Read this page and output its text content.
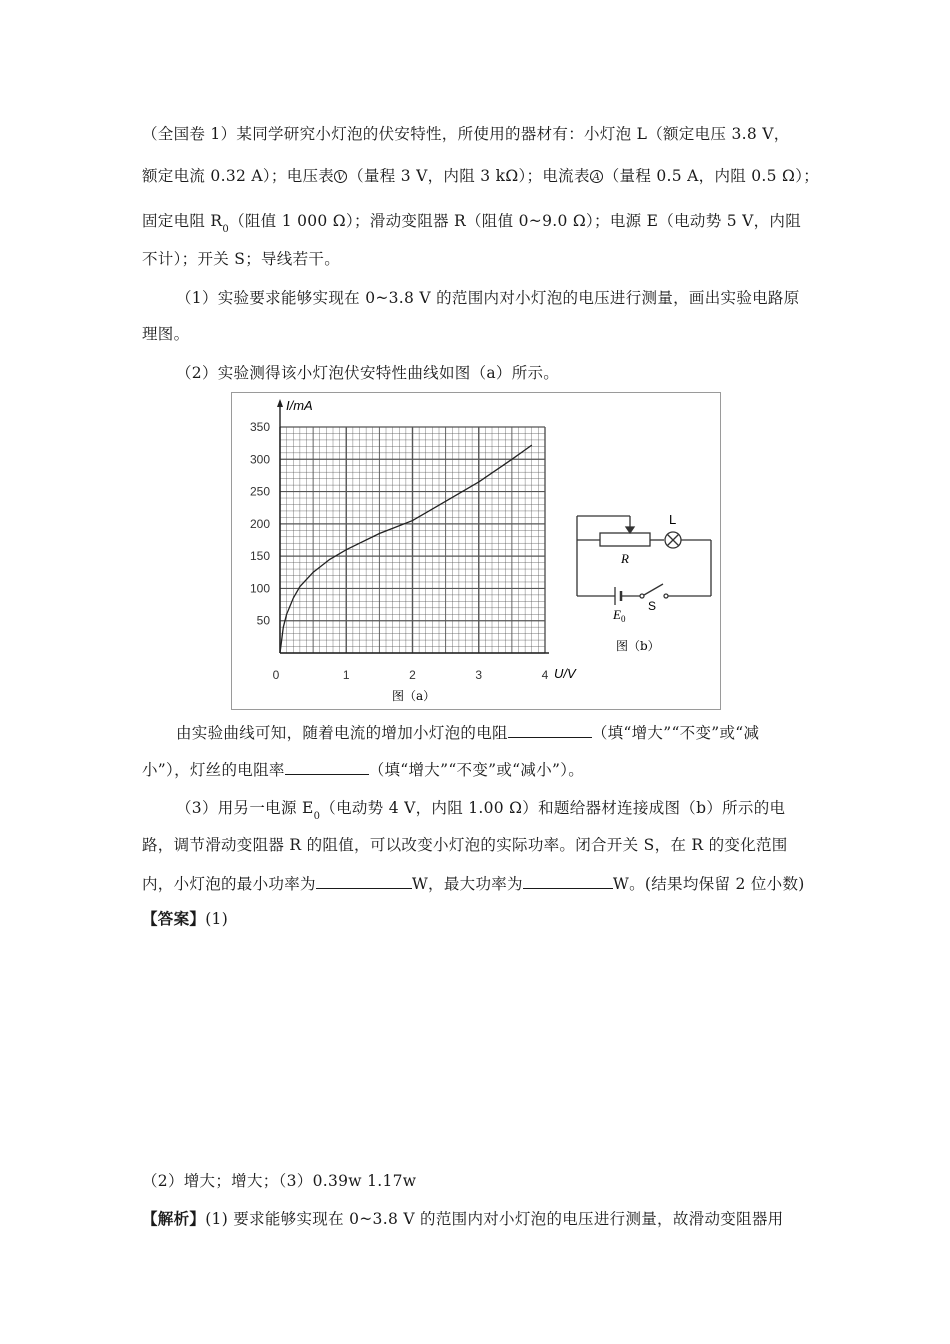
（全国卷 1）某同学研究小灯泡的伏安特性，所使用的器材有：小灯泡 L（额定电压 3.8 V，
额定电流 0.32 A）；电压表 V （量程 3 V，内阻 3 kΩ）；电流表 A （量程 0.5 A，内阻 0.5 Ω）；
固定电阻 $R_0$（阻值 1 000 Ω）；滑动变阻器 R（阻值 0~9.0 Ω）；电源 E（电动势 5 V，内阻
不计）；开关 S；导线若干。
（1）实验要求能够实现在 0~3.8 V 的范围内对小灯泡的电压进行测量，画出实验电路原
理图。
（2）实验测得该小灯泡伏安特性曲线如图（a）所示。
50
100
150
200
250
300
350
0	1	2	3	4
I/mA
U/V
图（a）
L
R
$E_0$
S
图（b）
由实验曲线可知，随着电流的增加小灯泡的电阻	（填“增大”“不变”或“减
小”），灯丝的电阻率	（填“增大”“不变”或“减小”）。
（3）用另一电源 $E_0$（电动势 4 V，内阻 1.00 Ω）和题给器材连接成图（b）所示的电
路，调节滑动变阻器 R 的阻值，可以改变小灯泡的实际功率。闭合开关 S，在 R 的变化范围
内，小灯泡的最小功率为	W，最大功率为	W。(结果均保留 2 位小数)
【答案】(1)
（2）增大；增大；（3）0.39w 1.17w
【解析】(1) 要求能够实现在 0~3.8 V 的范围内对小灯泡的电压进行测量，故滑动变阻器用
